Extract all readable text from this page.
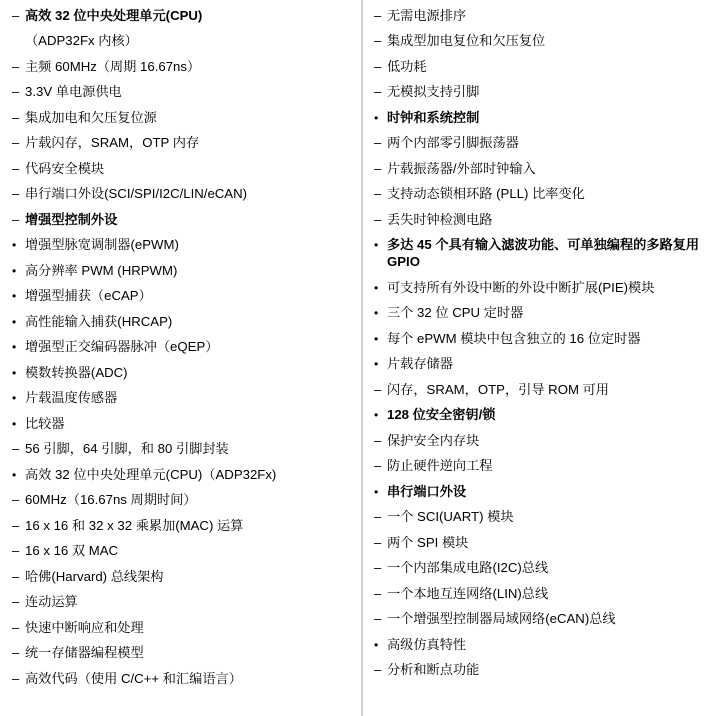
–
高效 32 位中央处理单元(CPU)
（ADP32Fx 内核）
–
主频 60MHz（周期 16.67ns）
–
3.3V 单电源供电
–
集成加电和欠压复位源
–
片载闪存，SRAM，OTP 内存
–
代码安全模块
–
串行端口外设(SCI/SPI/I2C/LIN/eCAN)
–
增强型控制外设
•
增强型脉宽调制器(ePWM)
•
高分辨率 PWM (HRPWM)
•
增强型捕获（eCAP）
•
高性能输入捕获(HRCAP)
•
增强型正交编码器脉冲（eQEP）
•
模数转换器(ADC)
•
片载温度传感器
•
比较器
–
56 引脚，64 引脚，和 80 引脚封装
•
高效 32 位中央处理单元(CPU)（ADP32Fx)
–
60MHz（16.67ns 周期时间）
–
16 x 16 和 32 x 32 乘累加(MAC) 运算
–
16 x 16 双 MAC
–
哈佛(Harvard) 总线架构
–
连动运算
–
快速中断响应和处理
–
统一存储器编程模型
–
高效代码（使用 C/C++ 和汇编语言）
–
无需电源排序
–
集成型加电复位和欠压复位
–
低功耗
–
无模拟支持引脚
•
时钟和系统控制
–
两个内部零引脚振荡器
–
片载振荡器/外部时钟输入
–
支持动态锁相环路 (PLL) 比率变化
–
丢失时钟检测电路
•
多达 45 个具有输入滤波功能、可单独编程的多路复用 GPIO
•
可支持所有外设中断的外设中断扩展(PIE)模块
•
三个 32 位 CPU 定时器
•
每个 ePWM 模块中包含独立的 16 位定时器
•
片载存储器
–
闪存，SRAM，OTP，引导 ROM 可用
•
128 位安全密钥/锁
–
保护安全内存块
–
防止硬件逆向工程
•
串行端口外设
–
一个 SCI(UART) 模块
–
两个 SPI 模块
–
一个内部集成电路(I2C)总线
–
一个本地互连网络(LIN)总线
–
一个增强型控制器局域网络(eCAN)总线
•
高级仿真特性
–
分析和断点功能
